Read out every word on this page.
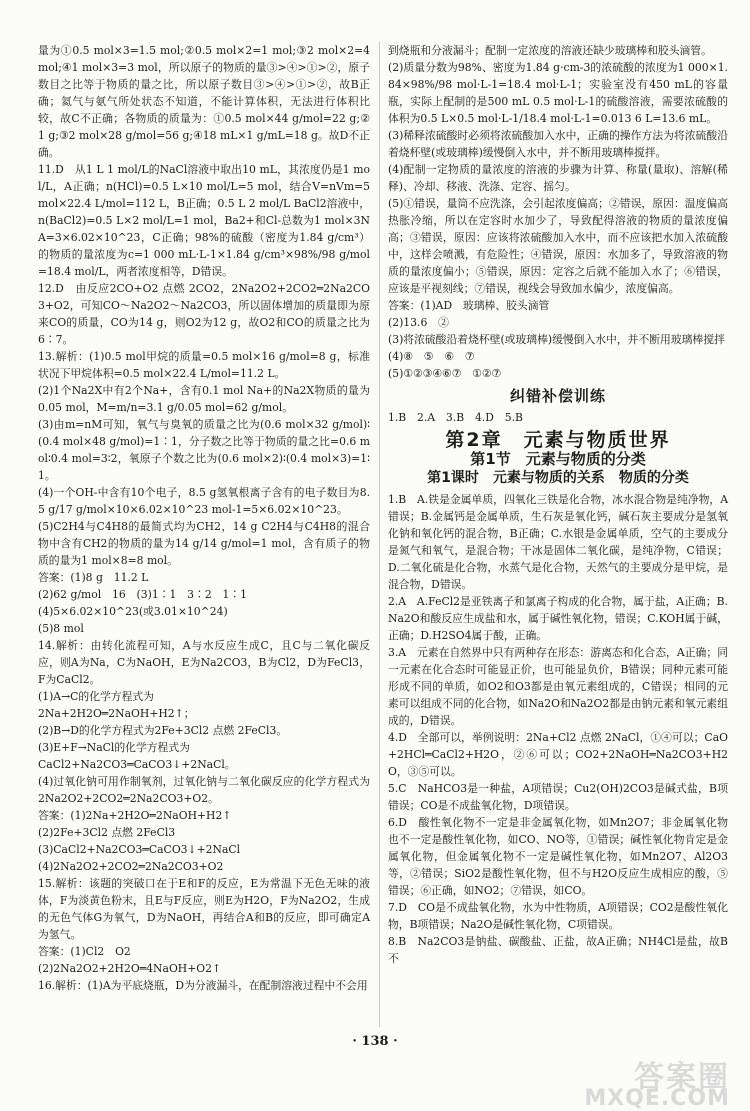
量为①0.5 mol×3=1.5 mol;②0.5 mol×2=1 mol;③2 mol×2=4 mol;④1 mol×3=3 mol，所以原子的物质的量③>④>①>②，原子数目之比等于物质的量之比，所以原子数目③>④>①>②，故B正确；氦气与氨气所处状态不知道，不能计算体积，无法进行体积比较，故C不正确；各物质的质量为：①0.5 mol×44 g/mol=22 g;②1 g;③2 mol×28 g/mol=56 g;④18 mL×1 g/mL=18 g。故D不正确。

11.D　从1 L 1 mol/L的NaCl溶液中取出10 mL，其浓度仍是1 mol/L，A正确；n(HCl)=0.5 L×10 mol/L=5 mol，结合V=nVm=5 mol×22.4 L/mol=112 L，B正确；0.5 L 2 mol/L BaCl2溶液中，n(BaCl2)=0.5 L×2 mol/L=1 mol，Ba2+和Cl-总数为1 mol×3NA=3×6.02×10^23，C正确；98%的硫酸（密度为1.84 g/cm³）的物质的量浓度为c=1 000 mL·L-1×1.84 g/cm³×98%/98 g/mol=18.4 mol/L，两者浓度相等，D错误。

12.D　由反应2CO+O2 点燃 2CO2，2Na2O2+2CO2═2Na2CO3+O2，可知CO～Na2O2～Na2CO3，所以固体增加的质量即为原来CO的质量，CO为14 g，则O2为12 g，故O2和CO的质量之比为6∶7。

13.解析：(1)0.5 mol甲烷的质量=0.5 mol×16 g/mol=8 g，标准状况下甲烷体积=0.5 mol×22.4 L/mol=11.2 L。

(2)1个Na2X中有2个Na+，含有0.1 mol Na+的Na2X物质的量为0.05 mol，M=m/n=3.1 g/0.05 mol=62 g/mol。

(3)由m=nM可知，氧气与臭氧的质量之比为(0.6 mol×32 g/mol)∶(0.4 mol×48 g/mol)=1∶1，分子数之比等于物质的量之比=0.6 mol∶0.4 mol=3∶2，氧原子个数之比为(0.6 mol×2)∶(0.4 mol×3)=1∶1。

(4)一个OH-中含有10个电子，8.5 g氢氧根离子含有的电子数目为8.5 g/17 g/mol×10×6.02×10^23 mol-1=5×6.02×10^23。

(5)C2H4与C4H8的最简式均为CH2，14 g C2H4与C4H8的混合物中含有CH2的物质的量为14 g/14 g/mol=1 mol，含有质子的物质的量为1 mol×8=8 mol。

答案：(1)8 g　11.2 L

(2)62 g/mol　16　(3)1∶1　3∶2　1∶1

(4)5×6.02×10^23(或3.01×10^24)

(5)8 mol

14.解析：由转化流程可知，A与水反应生成C，且C与二氧化碳反应，则A为Na，C为NaOH，E为Na2CO3，B为Cl2，D为FeCl3，F为CaCl2。

(1)A→C的化学方程式为

2Na+2H2O═2NaOH+H2↑；

(2)B→D的化学方程式为2Fe+3Cl2 点燃 2FeCl3。

(3)E+F→NaCl的化学方程式为

CaCl2+Na2CO3═CaCO3↓+2NaCl。

(4)过氧化钠可用作制氧剂，过氧化钠与二氧化碳反应的化学方程式为2Na2O2+2CO2═2Na2CO3+O2。

答案：(1)2Na+2H2O═2NaOH+H2↑

(2)2Fe+3Cl2 点燃 2FeCl3

(3)CaCl2+Na2CO3═CaCO3↓+2NaCl

(4)2Na2O2+2CO2═2Na2CO3+O2

15.解析：该题的突破口在于E和F的反应，E为常温下无色无味的液体，F为淡黄色粉末，且E与F反应，则E为H2O，F为Na2O2，生成的无色气体G为氧气，D为NaOH，再结合A和B的反应，即可确定A为氢气。

答案：(1)Cl2　O2

(2)2Na2O2+2H2O═4NaOH+O2↑

16.解析：(1)A为平底烧瓶，D为分液漏斗，在配制溶液过程中不会用

到烧瓶和分液漏斗；配制一定浓度的溶液还缺少玻璃棒和胶头滴管。

(2)质量分数为98%、密度为1.84 g·cm-3的浓硫酸的浓度为1 000×1.84×98%/98 mol·L-1=18.4 mol·L-1；实验室没有450 mL的容量瓶，实际上配制的是500 mL 0.5 mol·L-1的硫酸溶液，需要浓硫酸的体积为0.5 L×0.5 mol·L-1/18.4 mol·L-1=0.013 6 L=13.6 mL。

(3)稀释浓硫酸时必须将浓硫酸加入水中，正确的操作方法为将浓硫酸沿着烧杯壁(或玻璃棒)缓慢倒入水中，并不断用玻璃棒搅拌。

(4)配制一定物质的量浓度的溶液的步骤为计算、称量(量取)、溶解(稀释)、冷却、移液、洗涤、定容、摇匀。

(5)①错误，量筒不应洗涤，会引起浓度偏高；②错误，原因：温度偏高热胀冷缩，所以在定容时水加少了，导致配得溶液的物质的量浓度偏高；③错误，原因：应该将浓硫酸加入水中，而不应该把水加入浓硫酸中，这样会喷溅，有危险性；④错误，原因：水加多了，导致溶液的物质的量浓度偏小；⑤错误，原因：定容之后就不能加入水了；⑥错误，应该是平视刻线；⑦错误，视线会导致加水偏少，浓度偏高。

答案：(1)AD　玻璃棒、胶头滴管

(2)13.6　②

(3)将浓硫酸沿着烧杯壁(或玻璃棒)缓慢倒入水中，并不断用玻璃棒搅拌

(4)⑧　⑤　⑥　⑦

(5)①②③④⑥⑦　①②⑦

纠错补偿训练

1.B　2.A　3.B　4.D　5.B

第2章　元素与物质世界
第1节　元素与物质的分类
第1课时　元素与物质的关系　物质的分类

1.B　A.铁是金属单质，四氧化三铁是化合物，冰水混合物是纯净物，A错误；B.金属钙是金属单质，生石灰是氧化钙，碱石灰主要成分是氢氧化钠和氧化钙的混合物，B正确；C.水银是金属单质，空气的主要成分是氮气和氧气，是混合物；干冰是固体二氧化碳，是纯净物，C错误；D.二氧化硫是化合物，水蒸气是化合物，天然气的主要成分是甲烷，是混合物，D错误。

2.A　A.FeCl2是亚铁离子和氯离子构成的化合物，属于盐，A正确；B.Na2O和酸反应生成盐和水，属于碱性氧化物，错误；C.KOH属于碱，正确；D.H2SO4属于酸，正确。

3.A　元素在自然界中只有两种存在形态：游离态和化合态，A正确；同一元素在化合态时可能显正价，也可能显负价，B错误；同种元素可能形成不同的单质，如O2和O3都是由氧元素组成的，C错误；相同的元素可以组成不同的化合物，如Na2O和Na2O2都是由钠元素和氧元素组成的，D错误。

4.D　全部可以，举例说明：2Na+Cl2 点燃 2NaCl，①④可以；CaO+2HCl═CaCl2+H2O，②⑥可以；CO2+2NaOH═Na2CO3+H2O，③⑤可以。

5.C　NaHCO3是一种盐，A项错误；Cu2(OH)2CO3是碱式盐，B项错误；CO是不成盐氧化物，D项错误。

6.D　酸性氧化物不一定是非金属氧化物，如Mn2O7；非金属氧化物也不一定是酸性氧化物，如CO、NO等，①错误；碱性氧化物肯定是金属氧化物，但金属氧化物不一定是碱性氧化物，如Mn2O7、Al2O3等，②错误；SiO2是酸性氧化物，但不与H2O反应生成相应的酸，⑤错误；⑥正确，如NO2；⑦错误，如CO。

7.D　CO是不成盐氧化物，水为中性物质，A项错误；CO2是酸性氧化物，B项错误；Na2O是碱性氧化物，C项错误。

8.B　Na2CO3是钠盐、碳酸盐、正盐，故A正确；NH4Cl是盐，故B不

· 138 ·
答案圈
MXQE.COM
